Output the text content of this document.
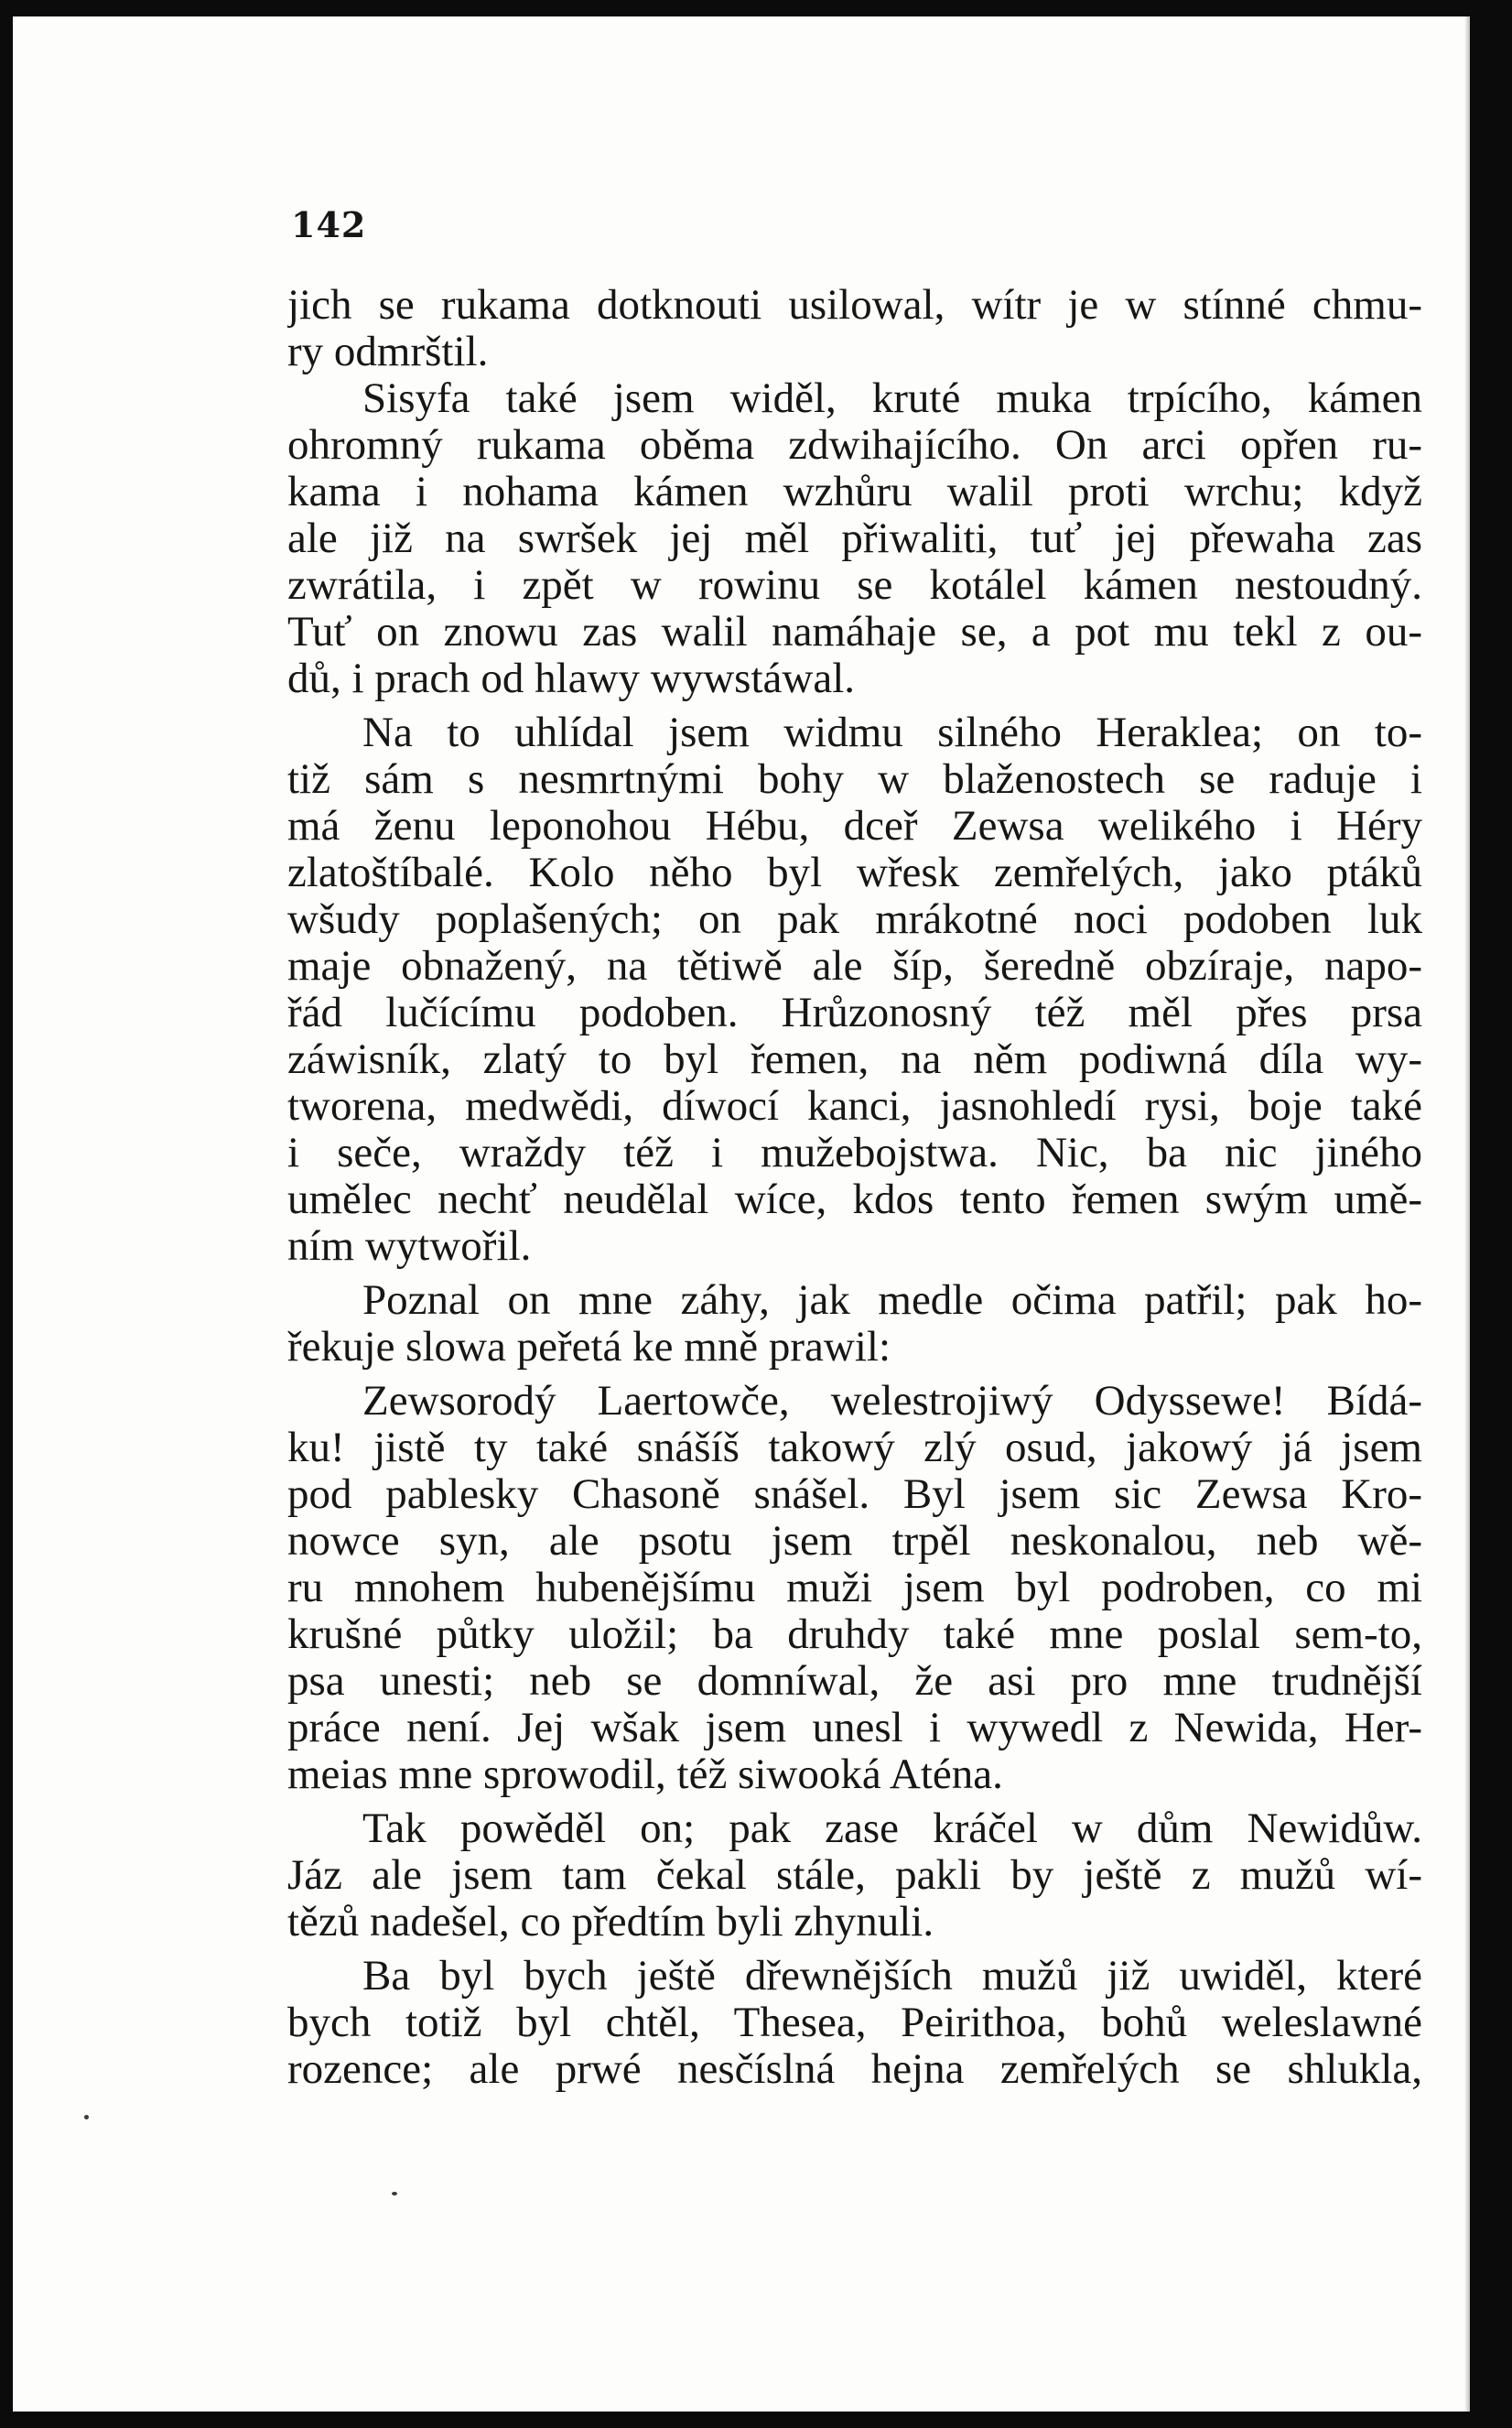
142
jich se rukama dotknouti usilowal, wítr je w stínné chmu-
ry odmrštil.
Sisyfa také jsem widěl, kruté muka trpícího, kámen
ohromný rukama oběma zdwihajícího. On arci opřen ru-
kama i nohama kámen wzhůru walil proti wrchu; když
ale již na swršek jej měl přiwaliti, tuť jej přewaha zas
zwrátila, i zpět w rowinu se kotálel kámen nestoudný.
Tuť on znowu zas walil namáhaje se, a pot mu tekl z ou-
dů, i prach od hlawy wywstáwal.
Na to uhlídal jsem widmu silného Heraklea; on to-
tiž sám s nesmrtnými bohy w blaženostech se raduje i
má ženu leponohou Hébu, dceř Zewsa welikého i Héry
zlatoštíbalé. Kolo něho byl wřesk zemřelých, jako ptáků
wšudy poplašených; on pak mrákotné noci podoben luk
maje obnažený, na tětiwě ale šíp, šeredně obzíraje, napo-
řád lučícímu podoben. Hrůzonosný též měl přes prsa
záwisník, zlatý to byl řemen, na něm podiwná díla wy-
tworena, medwědi, díwocí kanci, jasnohledí rysi, boje také
i seče, wraždy též i mužebojstwa. Nic, ba nic jiného
umělec nechť neudělal wíce, kdos tento řemen swým umě-
ním wytwořil.
Poznal on mne záhy, jak medle očima patřil; pak ho-
řekuje slowa peřetá ke mně prawil:
Zewsorodý Laertowče, welestrojiwý Odyssewe! Bídá-
ku! jistě ty také snášíš takowý zlý osud, jakowý já jsem
pod pablesky Chasoně snášel. Byl jsem sic Zewsa Kro-
nowce syn, ale psotu jsem trpěl neskonalou, neb wě-
ru mnohem hubenějšímu muži jsem byl podroben, co mi
krušné půtky uložil; ba druhdy také mne poslal sem-to,
psa unesti; neb se domníwal, že asi pro mne trudnější
práce není. Jej wšak jsem unesl i wywedl z Newida, Her-
meias mne sprowodil, též siwooká Aténa.
Tak powěděl on; pak zase kráčel w dům Newidůw.
Jáz ale jsem tam čekal stále, pakli by ještě z mužů wí-
tězů nadešel, co předtím byli zhynuli.
Ba byl bych ještě dřewnějších mužů již uwiděl, které
bych totiž byl chtěl, Thesea, Peirithoa, bohů weleslawné
rozence; ale prwé nesčíslná hejna zemřelých se shlukla,
